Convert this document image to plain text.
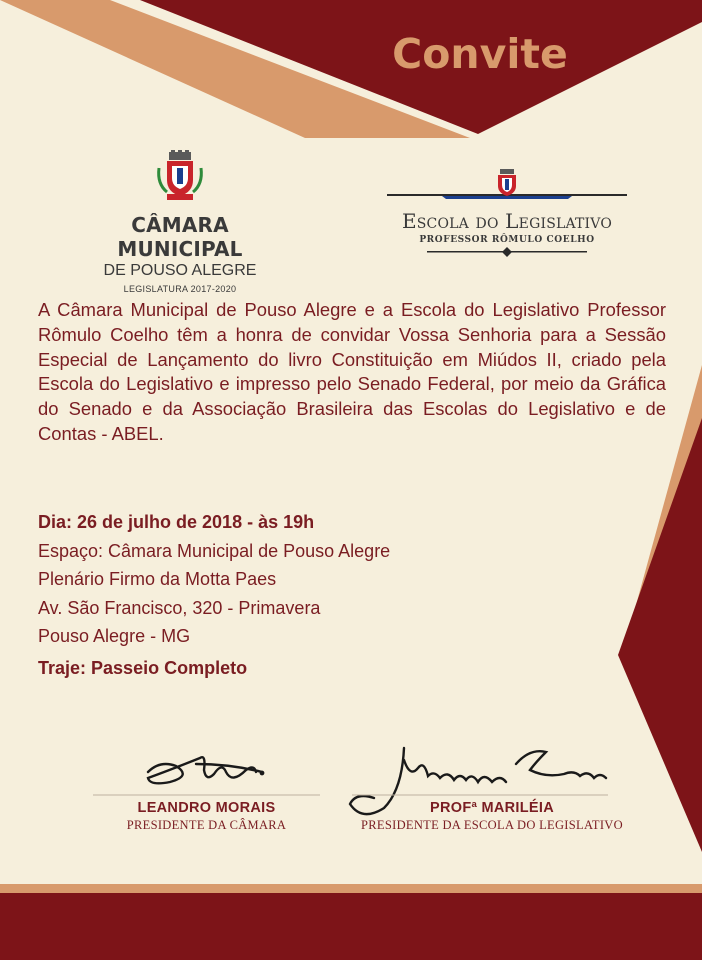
Convite
CÂMARA MUNICIPAL
DE POUSO ALEGRE
LEGISLATURA 2017-2020
Escola do Legislativo
PROFESSOR RÔMULO COELHO
A Câmara Municipal de Pouso Alegre e a Escola do Legislativo Professor Rômulo Coelho têm a honra de convidar Vossa Senhoria para a Sessão Especial de Lançamento do livro Constituição em Miúdos II, criado pela Escola do Legislativo e impresso pelo Senado Federal, por meio da Gráfica do Senado e da Associação Brasileira das Escolas do Legislativo e de Contas - ABEL.
Dia: 26 de julho de 2018 - às 19h
Espaço: Câmara Municipal de Pouso Alegre
Plenário Firmo da Motta Paes
Av. São Francisco, 320 - Primavera
Pouso Alegre - MG
Traje: Passeio Completo
LEANDRO MORAIS
PRESIDENTE DA CÂMARA
PROFª MARILÉIA
PRESIDENTE DA ESCOLA DO LEGISLATIVO
